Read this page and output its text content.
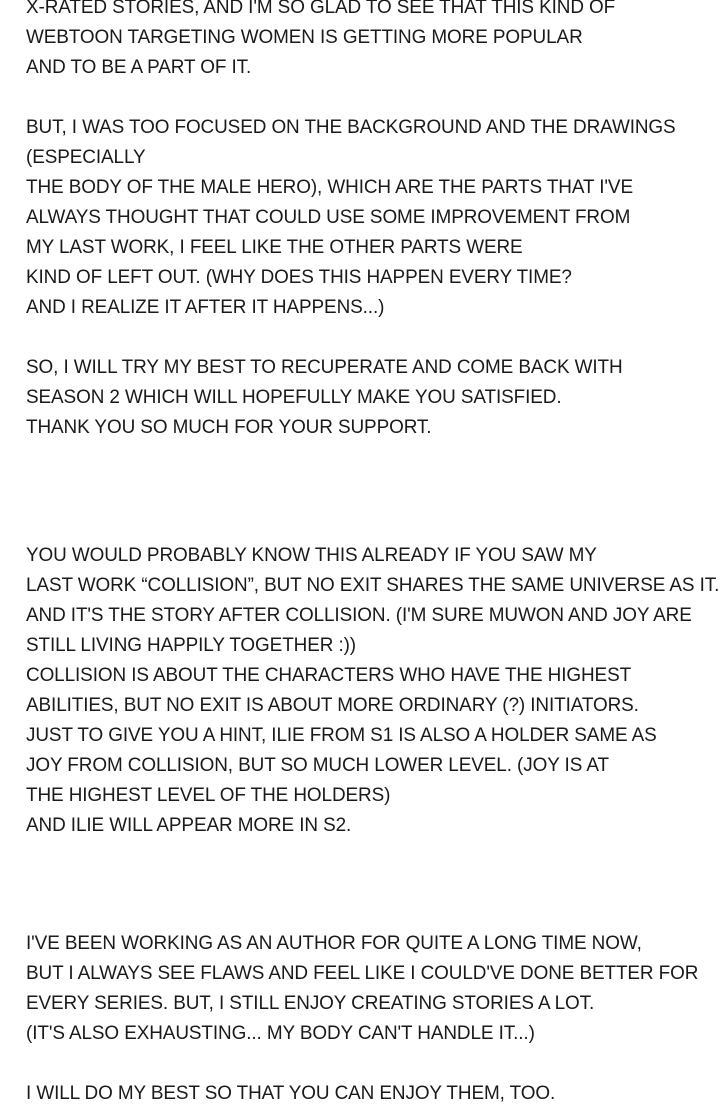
X-RATED STORIES, AND I'M SO GLAD TO SEE THAT THIS KIND OF
WEBTOON TARGETING WOMEN IS GETTING MORE POPULAR
AND TO BE A PART OF IT.
BUT, I WAS TOO FOCUSED ON THE BACKGROUND AND THE DRAWINGS
(ESPECIALLY
THE BODY OF THE MALE HERO), WHICH ARE THE PARTS THAT I'VE
ALWAYS THOUGHT THAT COULD USE SOME IMPROVEMENT FROM
MY LAST WORK, I FEEL LIKE THE OTHER PARTS WERE
KIND OF LEFT OUT. (WHY DOES THIS HAPPEN EVERY TIME?
AND I REALIZE IT AFTER IT HAPPENS...)
SO, I WILL TRY MY BEST TO RECUPERATE AND COME BACK WITH
SEASON 2 WHICH WILL HOPEFULLY MAKE YOU SATISFIED.
THANK YOU SO MUCH FOR YOUR SUPPORT.
YOU WOULD PROBABLY KNOW THIS ALREADY IF YOU SAW MY
LAST WORK “COLLISION”, BUT NO EXIT SHARES THE SAME UNIVERSE AS IT.
AND IT'S THE STORY AFTER COLLISION. (I'M SURE MUWON AND JOY ARE
STILL LIVING HAPPILY TOGETHER :))
COLLISION IS ABOUT THE CHARACTERS WHO HAVE THE HIGHEST
ABILITIES, BUT NO EXIT IS ABOUT MORE ORDINARY (?) INITIATORS.
JUST TO GIVE YOU A HINT, ILIE FROM S1 IS ALSO A HOLDER SAME AS
JOY FROM COLLISION, BUT SO MUCH LOWER LEVEL. (JOY IS AT
THE HIGHEST LEVEL OF THE HOLDERS)
AND ILIE WILL APPEAR MORE IN S2.
I'VE BEEN WORKING AS AN AUTHOR FOR QUITE A LONG TIME NOW,
BUT I ALWAYS SEE FLAWS AND FEEL LIKE I COULD'VE DONE BETTER FOR
EVERY SERIES. BUT, I STILL ENJOY CREATING STORIES A LOT.
(IT'S ALSO EXHAUSTING... MY BODY CAN'T HANDLE IT...)
I WILL DO MY BEST SO THAT YOU CAN ENJOY THEM, TOO.
